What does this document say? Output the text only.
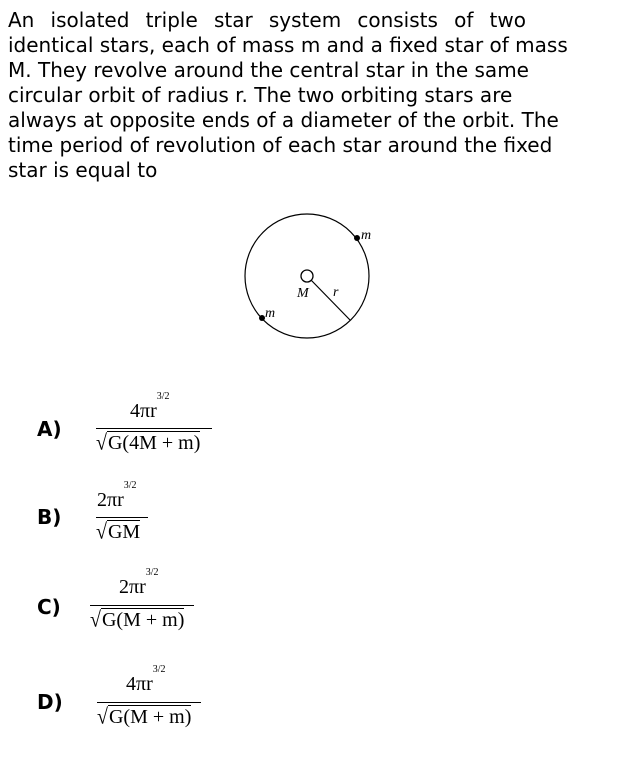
An isolated triple star system consists of two
identical stars, each of mass m and a fixed star of mass
M. They revolve around the central star in the same
circular orbit of radius r. The two orbiting stars are
always at opposite ends of a diameter of the orbit. The
time period of revolution of each star around the fixed
star is equal to
m
m
M r
A)
$4\pi r^{3/2}$
√G(4M + m)
B)
$2\pi r^{3/2}$
√GM
C)
$2\pi r^{3/2}$
√G(M + m)
D)
$4\pi r^{3/2}$
√G(M + m)
